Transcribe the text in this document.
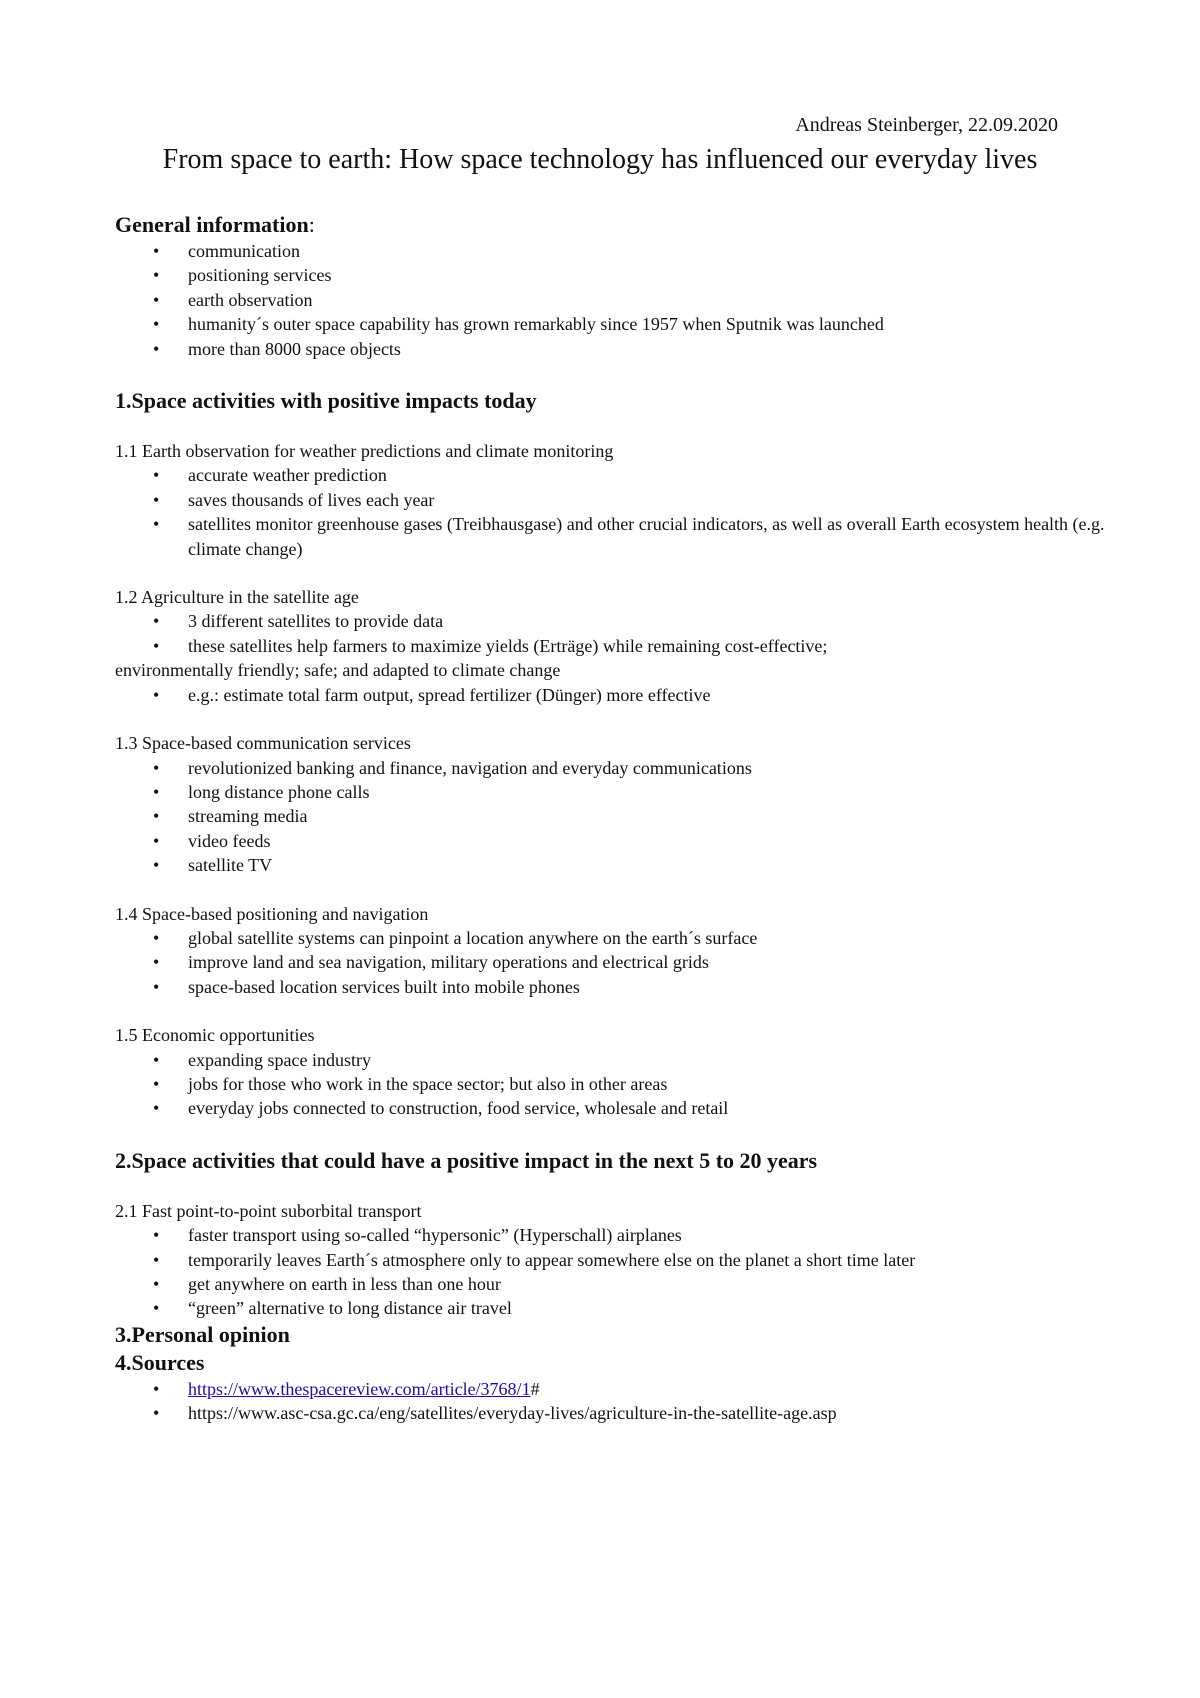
Andreas Steinberger, 22.09.2020
From space to earth: How space technology has influenced our everyday lives
General information:
• communication
• positioning services
• earth observation
• humanity´s outer space capability has grown remarkably since 1957 when Sputnik was launched
• more than 8000 space objects
1.Space activities with positive impacts today
1.1 Earth observation for weather predictions and climate monitoring
• accurate weather prediction
• saves thousands of lives each year
• satellites monitor greenhouse gases (Treibhausgase) and other crucial indicators, as well as overall Earth ecosystem health (e.g. climate change)
1.2 Agriculture in the satellite age
• 3 different satellites to provide data
• these satellites help farmers to maximize yields (Erträge) while remaining cost-effective;
environmentally friendly; safe; and adapted to climate change
• e.g.: estimate total farm output, spread fertilizer (Dünger) more effective
1.3 Space-based communication services
• revolutionized banking and finance, navigation and everyday communications
• long distance phone calls
• streaming media
• video feeds
• satellite TV
1.4 Space-based positioning and navigation
• global satellite systems can pinpoint a location anywhere on the earth´s surface
• improve land and sea navigation, military operations and electrical grids
• space-based location services built into mobile phones
1.5 Economic opportunities
• expanding space industry
• jobs for those who work in the space sector; but also in other areas
• everyday jobs connected to construction, food service, wholesale and retail
2.Space activities that could have a positive impact in the next 5 to 20 years
2.1 Fast point-to-point suborbital transport
• faster transport using so-called “hypersonic” (Hyperschall) airplanes
• temporarily leaves Earth´s atmosphere only to appear somewhere else on the planet a short time later
• get anywhere on earth in less than one hour
• “green” alternative to long distance air travel
3.Personal opinion
4.Sources
• https://www.thespacereview.com/article/3768/1#
• https://www.asc-csa.gc.ca/eng/satellites/everyday-lives/agriculture-in-the-satellite-age.asp
